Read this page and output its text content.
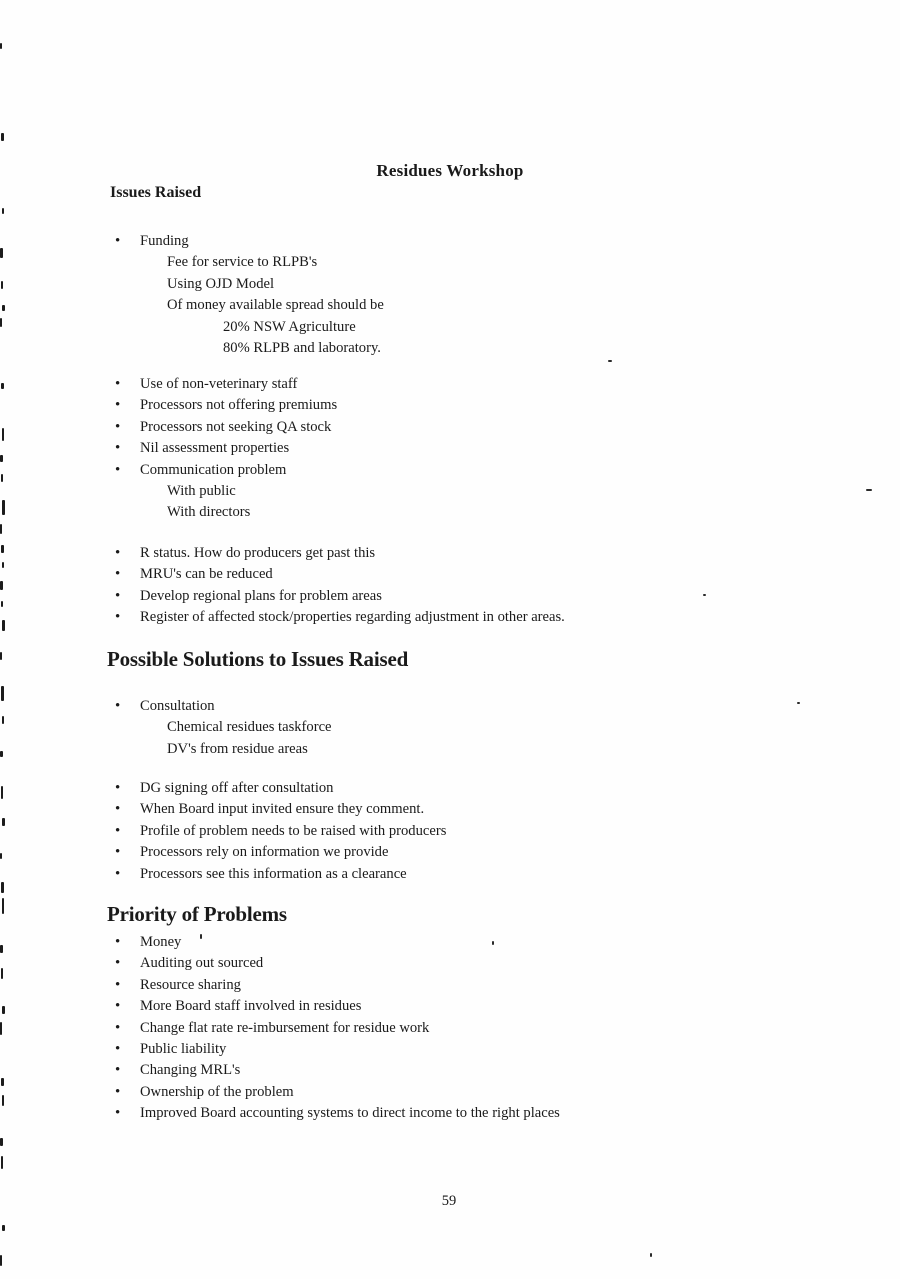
Residues Workshop
Issues Raised
•
Funding
Fee for service to RLPB's
Using OJD Model
Of money available spread should be
20% NSW Agriculture
80% RLPB and laboratory.
•
Use of non-veterinary staff
•
Processors not offering premiums
•
Processors not seeking QA stock
•
Nil assessment properties
•
Communication problem
With public
With directors
•
R status. How do producers get past this
•
MRU's can be reduced
•
Develop regional plans for problem areas
•
Register of affected stock/properties regarding adjustment in other areas.
Possible Solutions to Issues Raised
•
Consultation
Chemical residues taskforce
DV's from residue areas
•
DG signing off after consultation
•
When Board input invited ensure they comment.
•
Profile of problem needs to be raised with producers
•
Processors rely on information we provide
•
Processors see this information as a clearance
Priority of Problems
•
Money
•
Auditing out sourced
•
Resource sharing
•
More Board staff involved in residues
•
Change flat rate re-imbursement for residue work
•
Public liability
•
Changing MRL's
•
Ownership of the problem
•
Improved Board accounting systems to direct income to the right places
59
